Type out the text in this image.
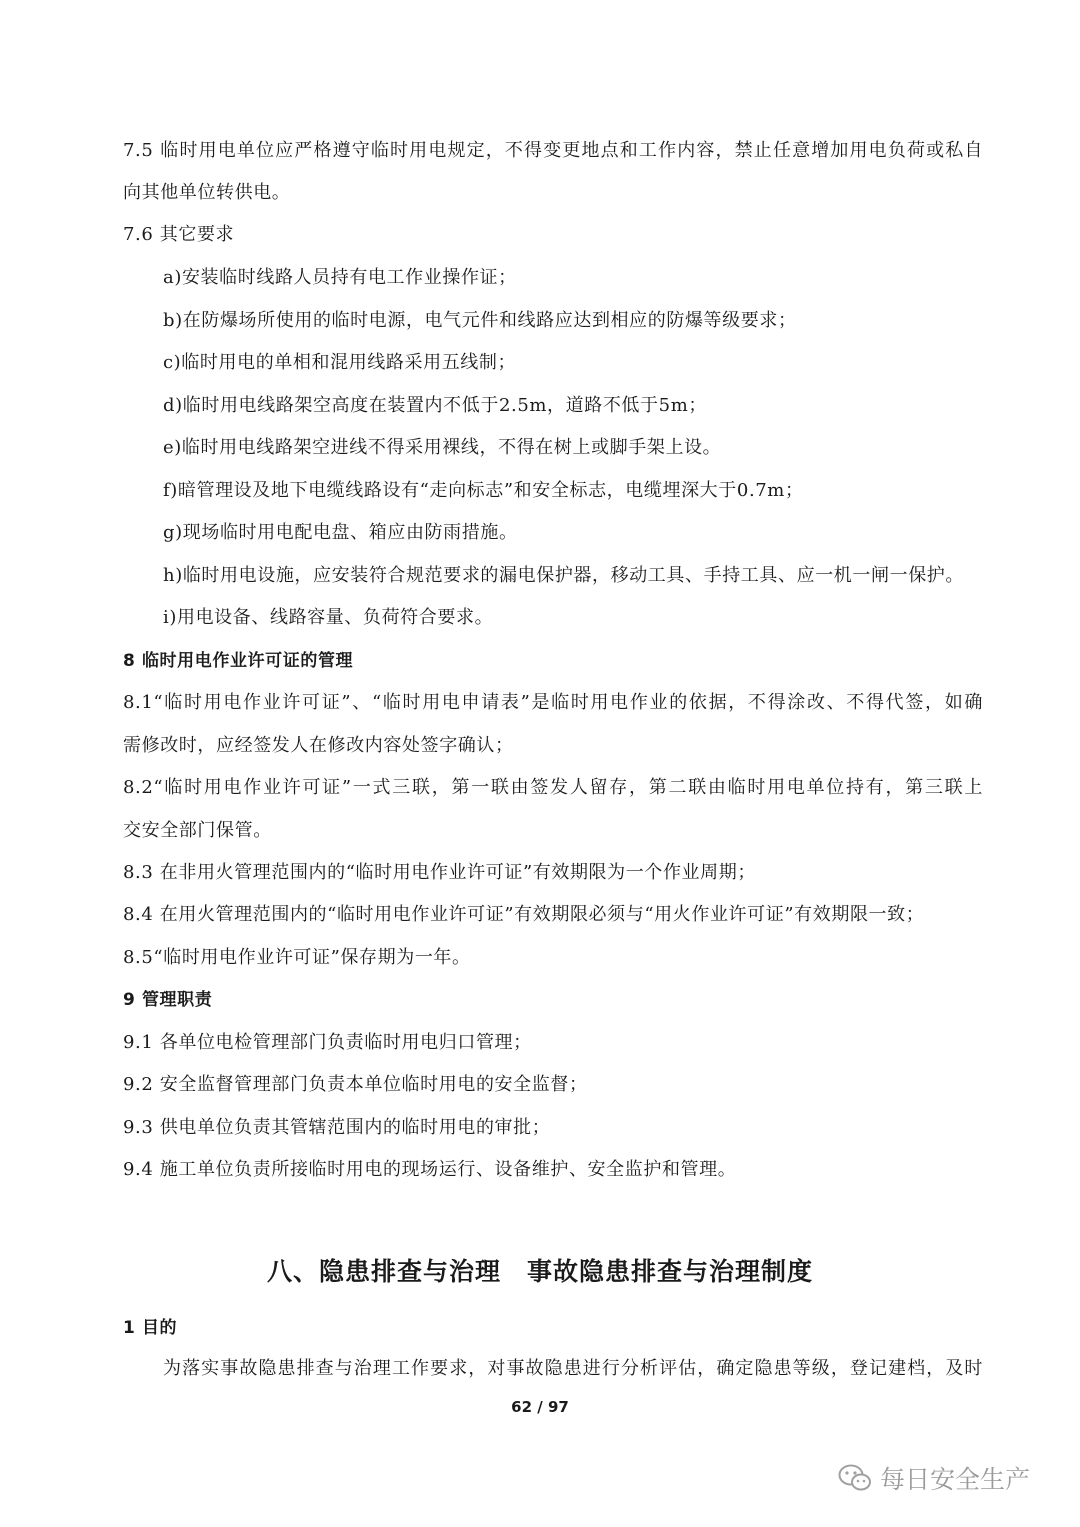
7.5 临时用电单位应严格遵守临时用电规定，不得变更地点和工作内容，禁止任意增加用电负荷或私自
向其他单位转供电。
7.6 其它要求
a)安装临时线路人员持有电工作业操作证；
b)在防爆场所使用的临时电源，电气元件和线路应达到相应的防爆等级要求；
c)临时用电的单相和混用线路采用五线制；
d)临时用电线路架空高度在装置内不低于2.5m，道路不低于5m；
e)临时用电线路架空进线不得采用裸线，不得在树上或脚手架上设。
f)暗管理设及地下电缆线路设有“走向标志”和安全标志，电缆埋深大于0.7m；
g)现场临时用电配电盘、箱应由防雨措施。
h)临时用电设施，应安装符合规范要求的漏电保护器，移动工具、手持工具、应一机一闸一保护。
i)用电设备、线路容量、负荷符合要求。
8 临时用电作业许可证的管理
8.1“临时用电作业许可证”、“临时用电申请表”是临时用电作业的依据，不得涂改、不得代签，如确
需修改时，应经签发人在修改内容处签字确认；
8.2“临时用电作业许可证”一式三联，第一联由签发人留存，第二联由临时用电单位持有，第三联上
交安全部门保管。
8.3 在非用火管理范围内的“临时用电作业许可证”有效期限为一个作业周期；
8.4 在用火管理范围内的“临时用电作业许可证”有效期限必须与“用火作业许可证”有效期限一致；
8.5“临时用电作业许可证”保存期为一年。
9 管理职责
9.1 各单位电检管理部门负责临时用电归口管理；
9.2 安全监督管理部门负责本单位临时用电的安全监督；
9.3 供电单位负责其管辖范围内的临时用电的审批；
9.4 施工单位负责所接临时用电的现场运行、设备维护、安全监护和管理。
八、隐患排查与治理 事故隐患排查与治理制度
1 目的
为落实事故隐患排查与治理工作要求，对事故隐患进行分析评估，确定隐患等级，登记建档，及时
62 / 97
每日安全生产
